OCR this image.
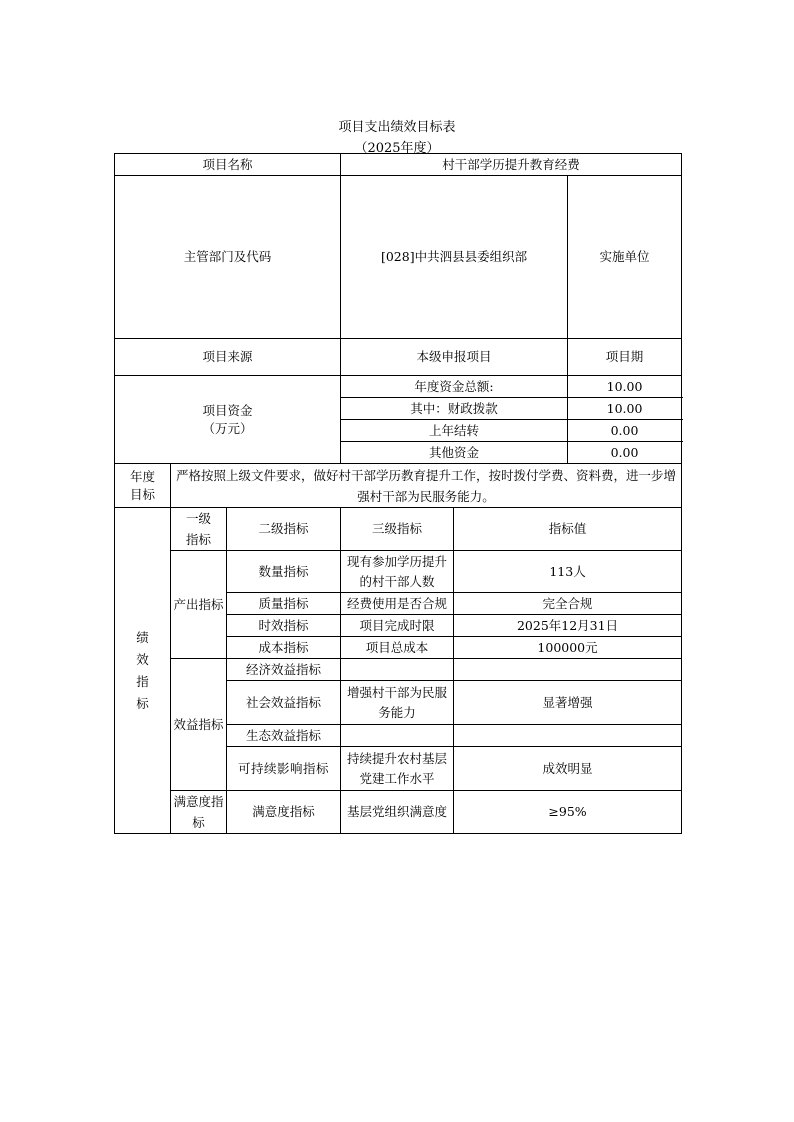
项目支出绩效目标表
（2025年度）
项目名称			村干部学历提升教育经费			
主管部门及代码			[028]中共泗县县委组织部		实施单位	
项目来源			本级申报项目		项目期	

项目资金
（万元）			年度资金总额:		10.00	
			其中：财政拨款		10.00	
			上年结转		0.00	
			其他资金		0.00	

年度
目标	严格按照上级文件要求，做好村干部学历教育提升工作，按时拨付学费、资料费，进一步增强村干部为民服务能力。					
绩效指标	一级指标	二级指标	三级指标	指标值		
	产出指标	数量指标	现有参加学历提升的村干部人数	113人		
		质量指标	经费使用是否合规	完全合规		
		时效指标	项目完成时限	2025年12月31日		
		成本指标	项目总成本	100000元		
	效益指标	经济效益指标				
		社会效益指标	增强村干部为民服务能力	显著增强		
		生态效益指标				
		可持续影响指标	持续提升农村基层党建工作水平	成效明显		
	满意度指标	满意度指标	基层党组织满意度	≥95%		
